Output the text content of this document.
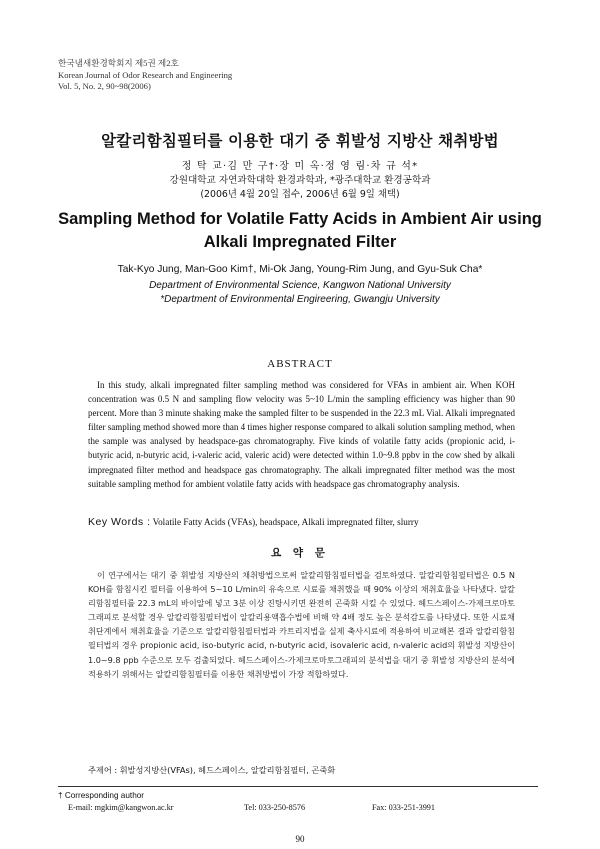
한국냄새환경학회지 제5권 제2호
Korean Journal of Odor Research and Engineering
Vol. 5, No. 2, 90~98(2006)
알칼리함침필터를 이용한 대기 중 휘발성 지방산 채취방법
정 탁 교·김 만 구†·장 미 옥·정 영 림·차 규 석*
강원대학교 자연과학대학 환경과학과, *광주대학교 환경공학과
(2006년 4월 20일 접수, 2006년 6월 9일 채택)
Sampling Method for Volatile Fatty Acids in Ambient Air using Alkali Impregnated Filter
Tak-Kyo Jung, Man-Goo Kim†, Mi-Ok Jang, Young-Rim Jung, and Gyu-Suk Cha*
Department of Environmental Science, Kangwon National University
*Department of Environmental Engireering, Gwangju University
ABSTRACT
In this study, alkali impregnated filter sampling method was considered for VFAs in ambient air. When KOH concentration was 0.5 N and sampling flow velocity was 5~10 L/min the sampling efficiency was higher than 90 percent. More than 3 minute shaking make the sampled filter to be suspended in the 22.3 mL Vial. Alkali impregnated filter sampling method showed more than 4 times higher response compared to alkali solution sampling method, when the sample was analysed by headspace-gas chromatography. Five kinds of volatile fatty acids (propionic acid, i-butyric acid, n-butyric acid, i-valeric acid, valeric acid) were detected within 1.0~9.8 ppbv in the cow shed by alkali impregnated filter method and headspace gas chromatography. The alkali impregnated filter method was the most suitable sampling method for ambient volatile fatty acids with headspace gas chromatography analysis.
Key Words : Volatile Fatty Acids (VFAs), headspace, Alkali impregnated filter, slurry
요 약 문
이 연구에서는 대기 중 휘발성 지방산의 채취방법으로써 알칼리함침필터법을 검토하였다. 알칼리함침필터법은 0.5 N KOH를 함침시킨 필터를 이용하여 5~10 L/min의 유속으로 시료를 채취했을 때 90% 이상의 채취효율을 나타냈다. 알칼리함침필터를 22.3 mL의 바이알에 넣고 3분 이상 진탕시키면 완전히 곤죽화 시킬 수 있었다. 헤드스페이스-가제크로마토그래피로 분석할 경우 알칼리함침필터법이 알칼리용액흡수법에 비해 약 4배 정도 높은 분석감도를 나타냈다. 또한 시료채취단계에서 채취효율을 기준으로 알칼리함침필터법과 카트리지법을 실제 축사시료에 적용하여 비교해본 결과 알칼리함침필터법의 경우 propionic acid, iso-butyric acid, n-butyric acid, isovaleric acid, n-valeric acid의 휘발성 지방산이 1.0~9.8 ppb 수준으로 모두 검출되었다. 헤드스페이스-가제크로마토그래피의 분석법을 대기 중 휘발성 지방산의 분석에 적용하기 위해서는 알칼리함침필터를 이용한 채취방법이 가장 적합하였다.
주제어 : 휘발성지방산(VFAs), 헤드스페이스, 알칼리함침필터, 곤죽화
† Corresponding author
E-mail: mgkim@kangwon.ac.kr	Tel: 033-250-8576	Fax: 033-251-3991
90
